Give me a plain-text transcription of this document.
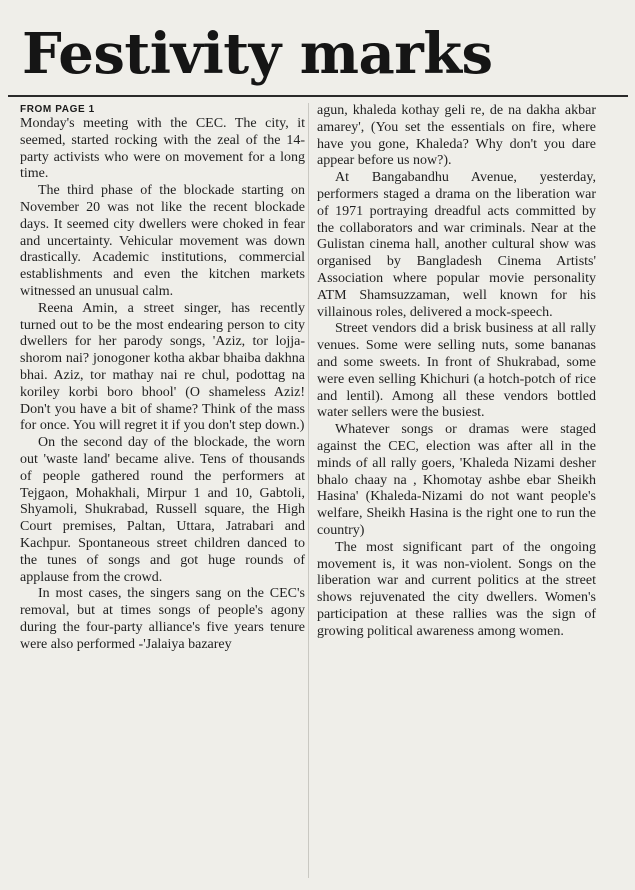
Festivity marks
FROM PAGE 1

Monday's meeting with the CEC. The city, it seemed, started rocking with the zeal of the 14-party activists who were on movement for a long time.

The third phase of the blockade starting on November 20 was not like the recent blockade days. It seemed city dwellers were choked in fear and uncertainty. Vehicular movement was down drastically. Academic institutions, commercial establishments and even the kitchen markets witnessed an unusual calm.

Reena Amin, a street singer, has recently turned out to be the most endearing person to city dwellers for her parody songs, 'Aziz, tor lojja-shorom nai? jonogoner kotha akbar bhaiba dakhna bhai. Aziz, tor mathay nai re chul, podottag na koriley korbi boro bhool' (O shameless Aziz! Don't you have a bit of shame? Think of the mass for once. You will regret it if you don't step down.)

On the second day of the blockade, the worn out 'waste land' became alive. Tens of thousands of people gathered round the performers at Tejgaon, Mohakhali, Mirpur 1 and 10, Gabtoli, Shyamoli, Shukrabad, Russell square, the High Court premises, Paltan, Uttara, Jatrabari and Kachpur. Spontaneous street children danced to the tunes of songs and got huge rounds of applause from the crowd.

In most cases, the singers sang on the CEC's removal, but at times songs of people's agony during the four-party alliance's five years tenure were also performed -'Jalaiya bazarey

agun, khaleda kothay geli re, de na dakha akbar amarey', (You set the essentials on fire, where have you gone, Khaleda? Why don't you dare appear before us now?).

At Bangabandhu Avenue, yesterday, performers staged a drama on the liberation war of 1971 portraying dreadful acts committed by the collaborators and war criminals. Near at the Gulistan cinema hall, another cultural show was organised by Bangladesh Cinema Artists' Association where popular movie personality ATM Shamsuzzaman, well known for his villainous roles, delivered a mock-speech.

Street vendors did a brisk business at all rally venues. Some were selling nuts, some bananas and some sweets. In front of Shukrabad, some were even selling Khichuri (a hotch-potch of rice and lentil). Among all these vendors bottled water sellers were the busiest.

Whatever songs or dramas were staged against the CEC, election was after all in the minds of all rally goers, 'Khaleda Nizami desher bhalo chaay na , Khomotay ashbe ebar Sheikh Hasina' (Khaleda-Nizami do not want people's welfare, Sheikh Hasina is the right one to run the country)

The most significant part of the ongoing movement is, it was non-violent. Songs on the liberation war and current politics at the street shows rejuvenated the city dwellers. Women's participation at these rallies was the sign of growing political awareness among women.
